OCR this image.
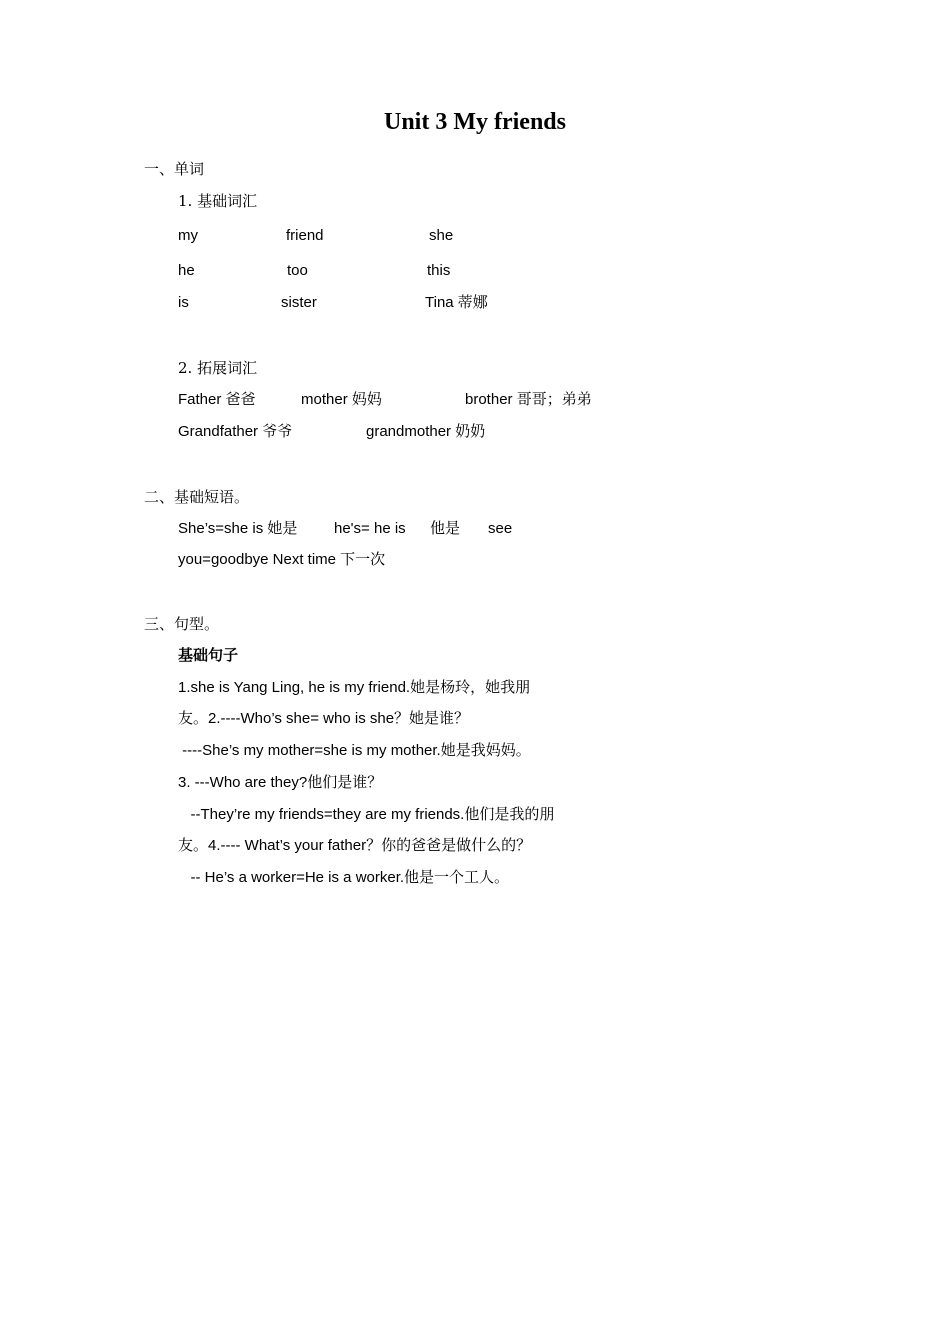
Unit 3 My friends
一、单词
1. 基础词汇
my	friend	she
he	too	this
is	sister	Tina 蒂娜
2. 拓展词汇
Father 爸爸	mother 妈妈	brother 哥哥；弟弟
Grandfather 爷爷	grandmother 奶奶
二、基础短语。
She’s=she is 她是 he's= he is 他是 see
you=goodbye Next time 下一次
三、句型。
基础句子
1.she is Yang Ling, he is my friend.她是杨玲，她我朋
友。2.----Who’s she= who is she？她是谁？
----She’s my mother=she is my mother.她是我妈妈。
3. ---Who are they?他们是谁？
--They’re my friends=they are my friends.他们是我的朋
友。4.---- What’s your father？你的爸爸是做什么的？
-- He’s a worker=He is a worker.他是一个工人。
